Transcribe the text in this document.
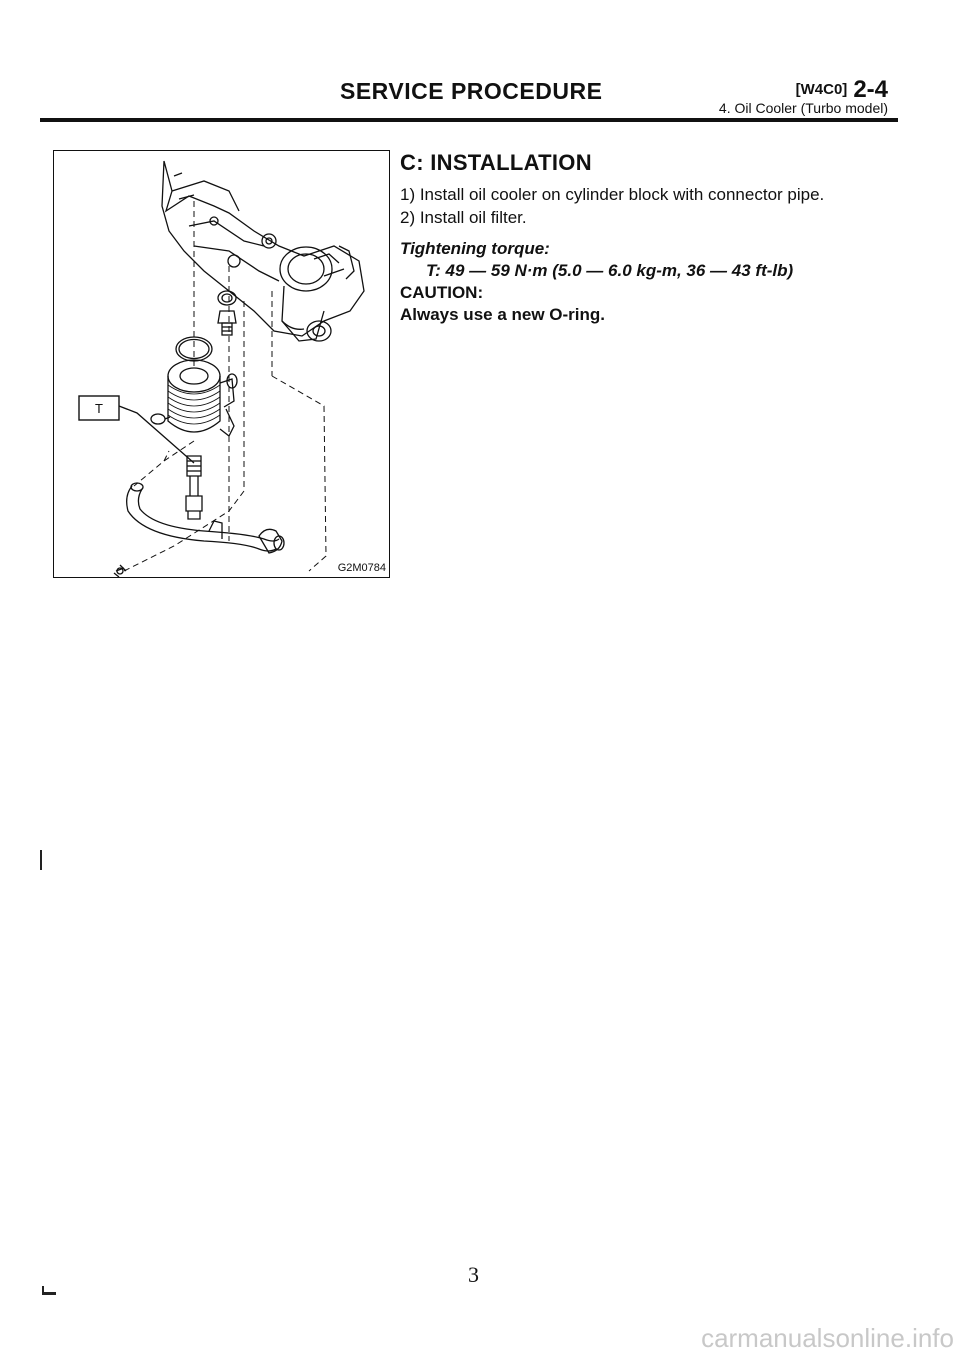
SERVICE PROCEDURE	[W4C0] 2-4
4. Oil Cooler (Turbo model)
T
G2M0784
C: INSTALLATION

1) Install oil cooler on cylinder block with connector pipe.

2) Install oil filter.

Tightening torque:
T: 49 — 59 N·m (5.0 — 6.0 kg-m, 36 — 43 ft-lb)
CAUTION:
Always use a new O-ring.
3
carmanualsonline.info
